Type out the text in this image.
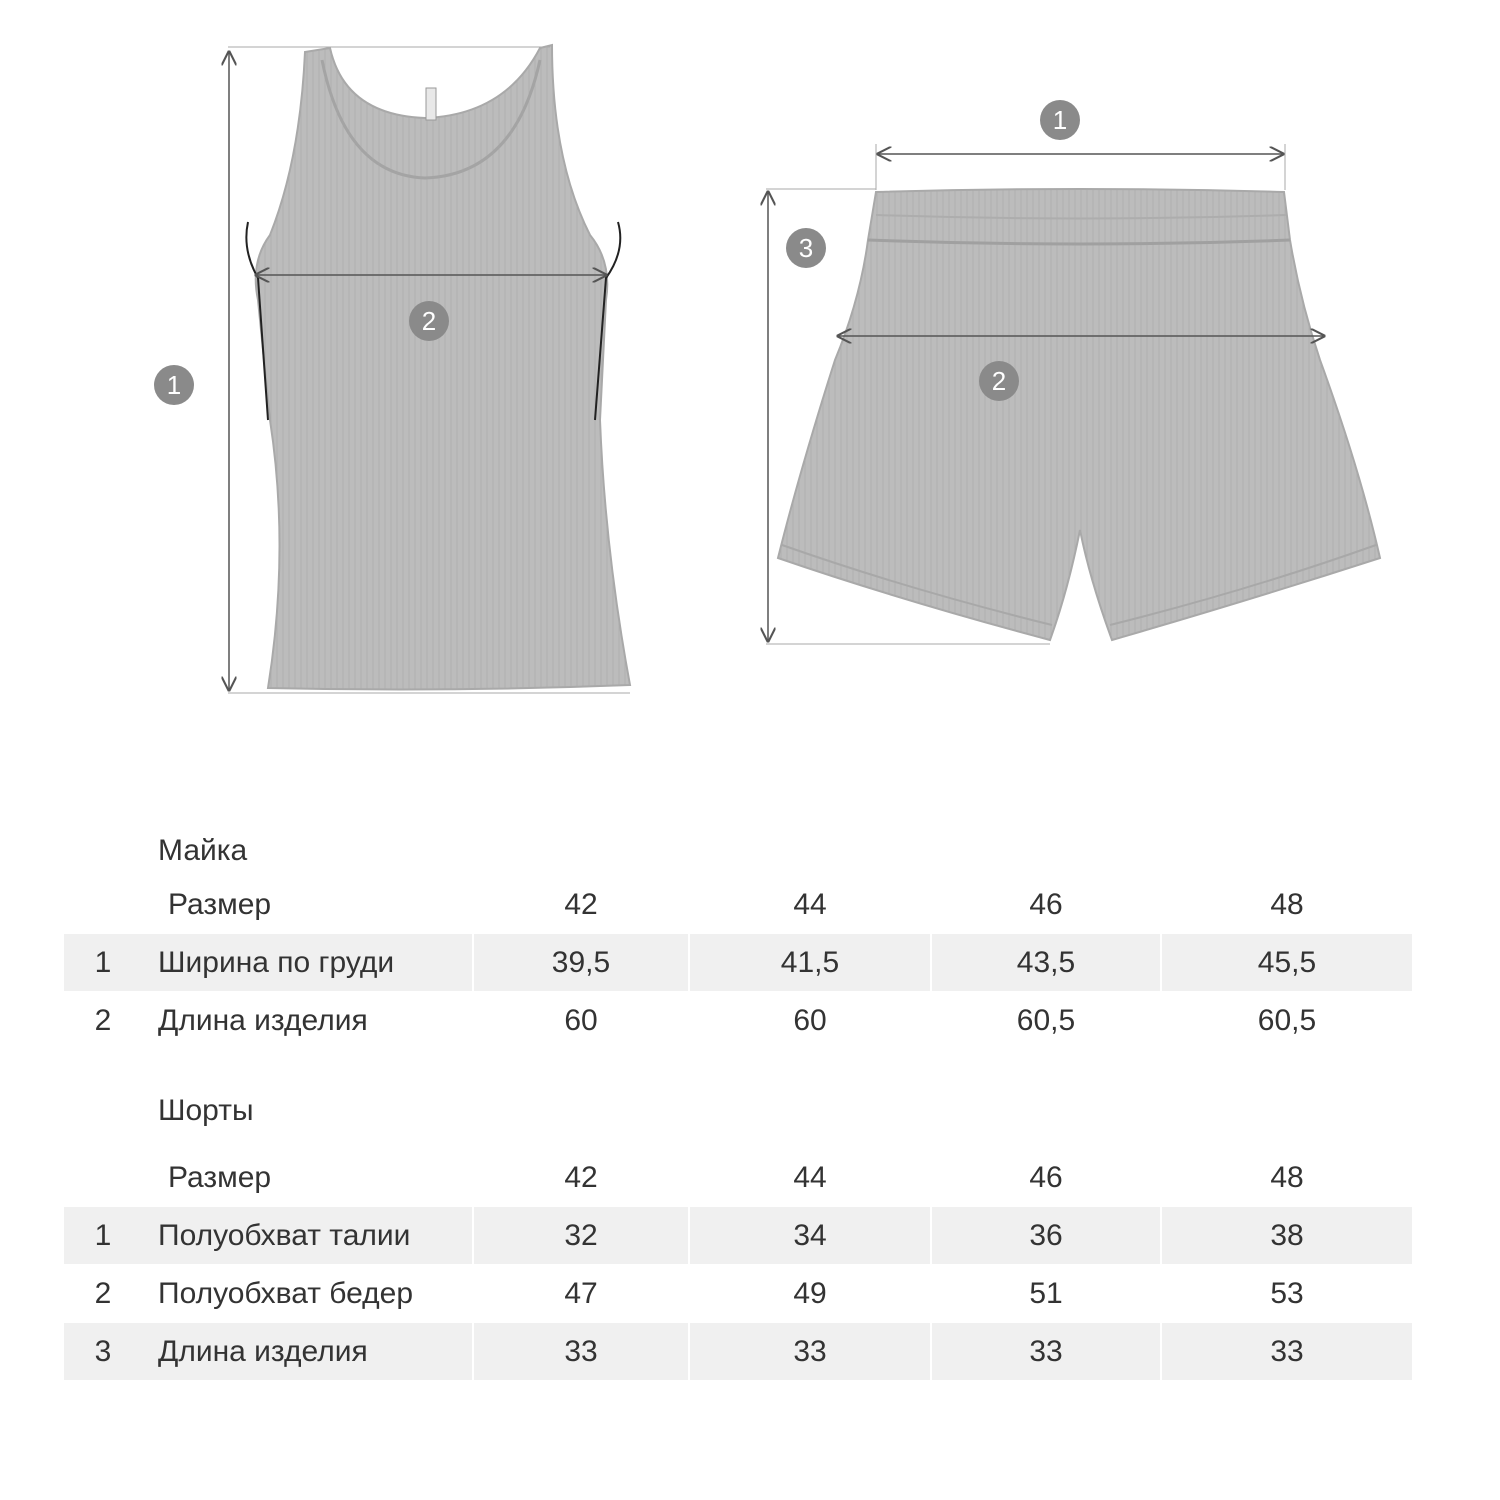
1
2
1
2
3
Майка
Размер	42	44	46	48
1	Ширина по груди	39,5	41,5	43,5	45,5
2	Длина изделия	60	60	60,5	60,5
Шорты
Размер	42	44	46	48
1	Полуобхват талии	32	34	36	38
2	Полуобхват бедер	47	49	51	53
3	Длина изделия	33	33	33	33
